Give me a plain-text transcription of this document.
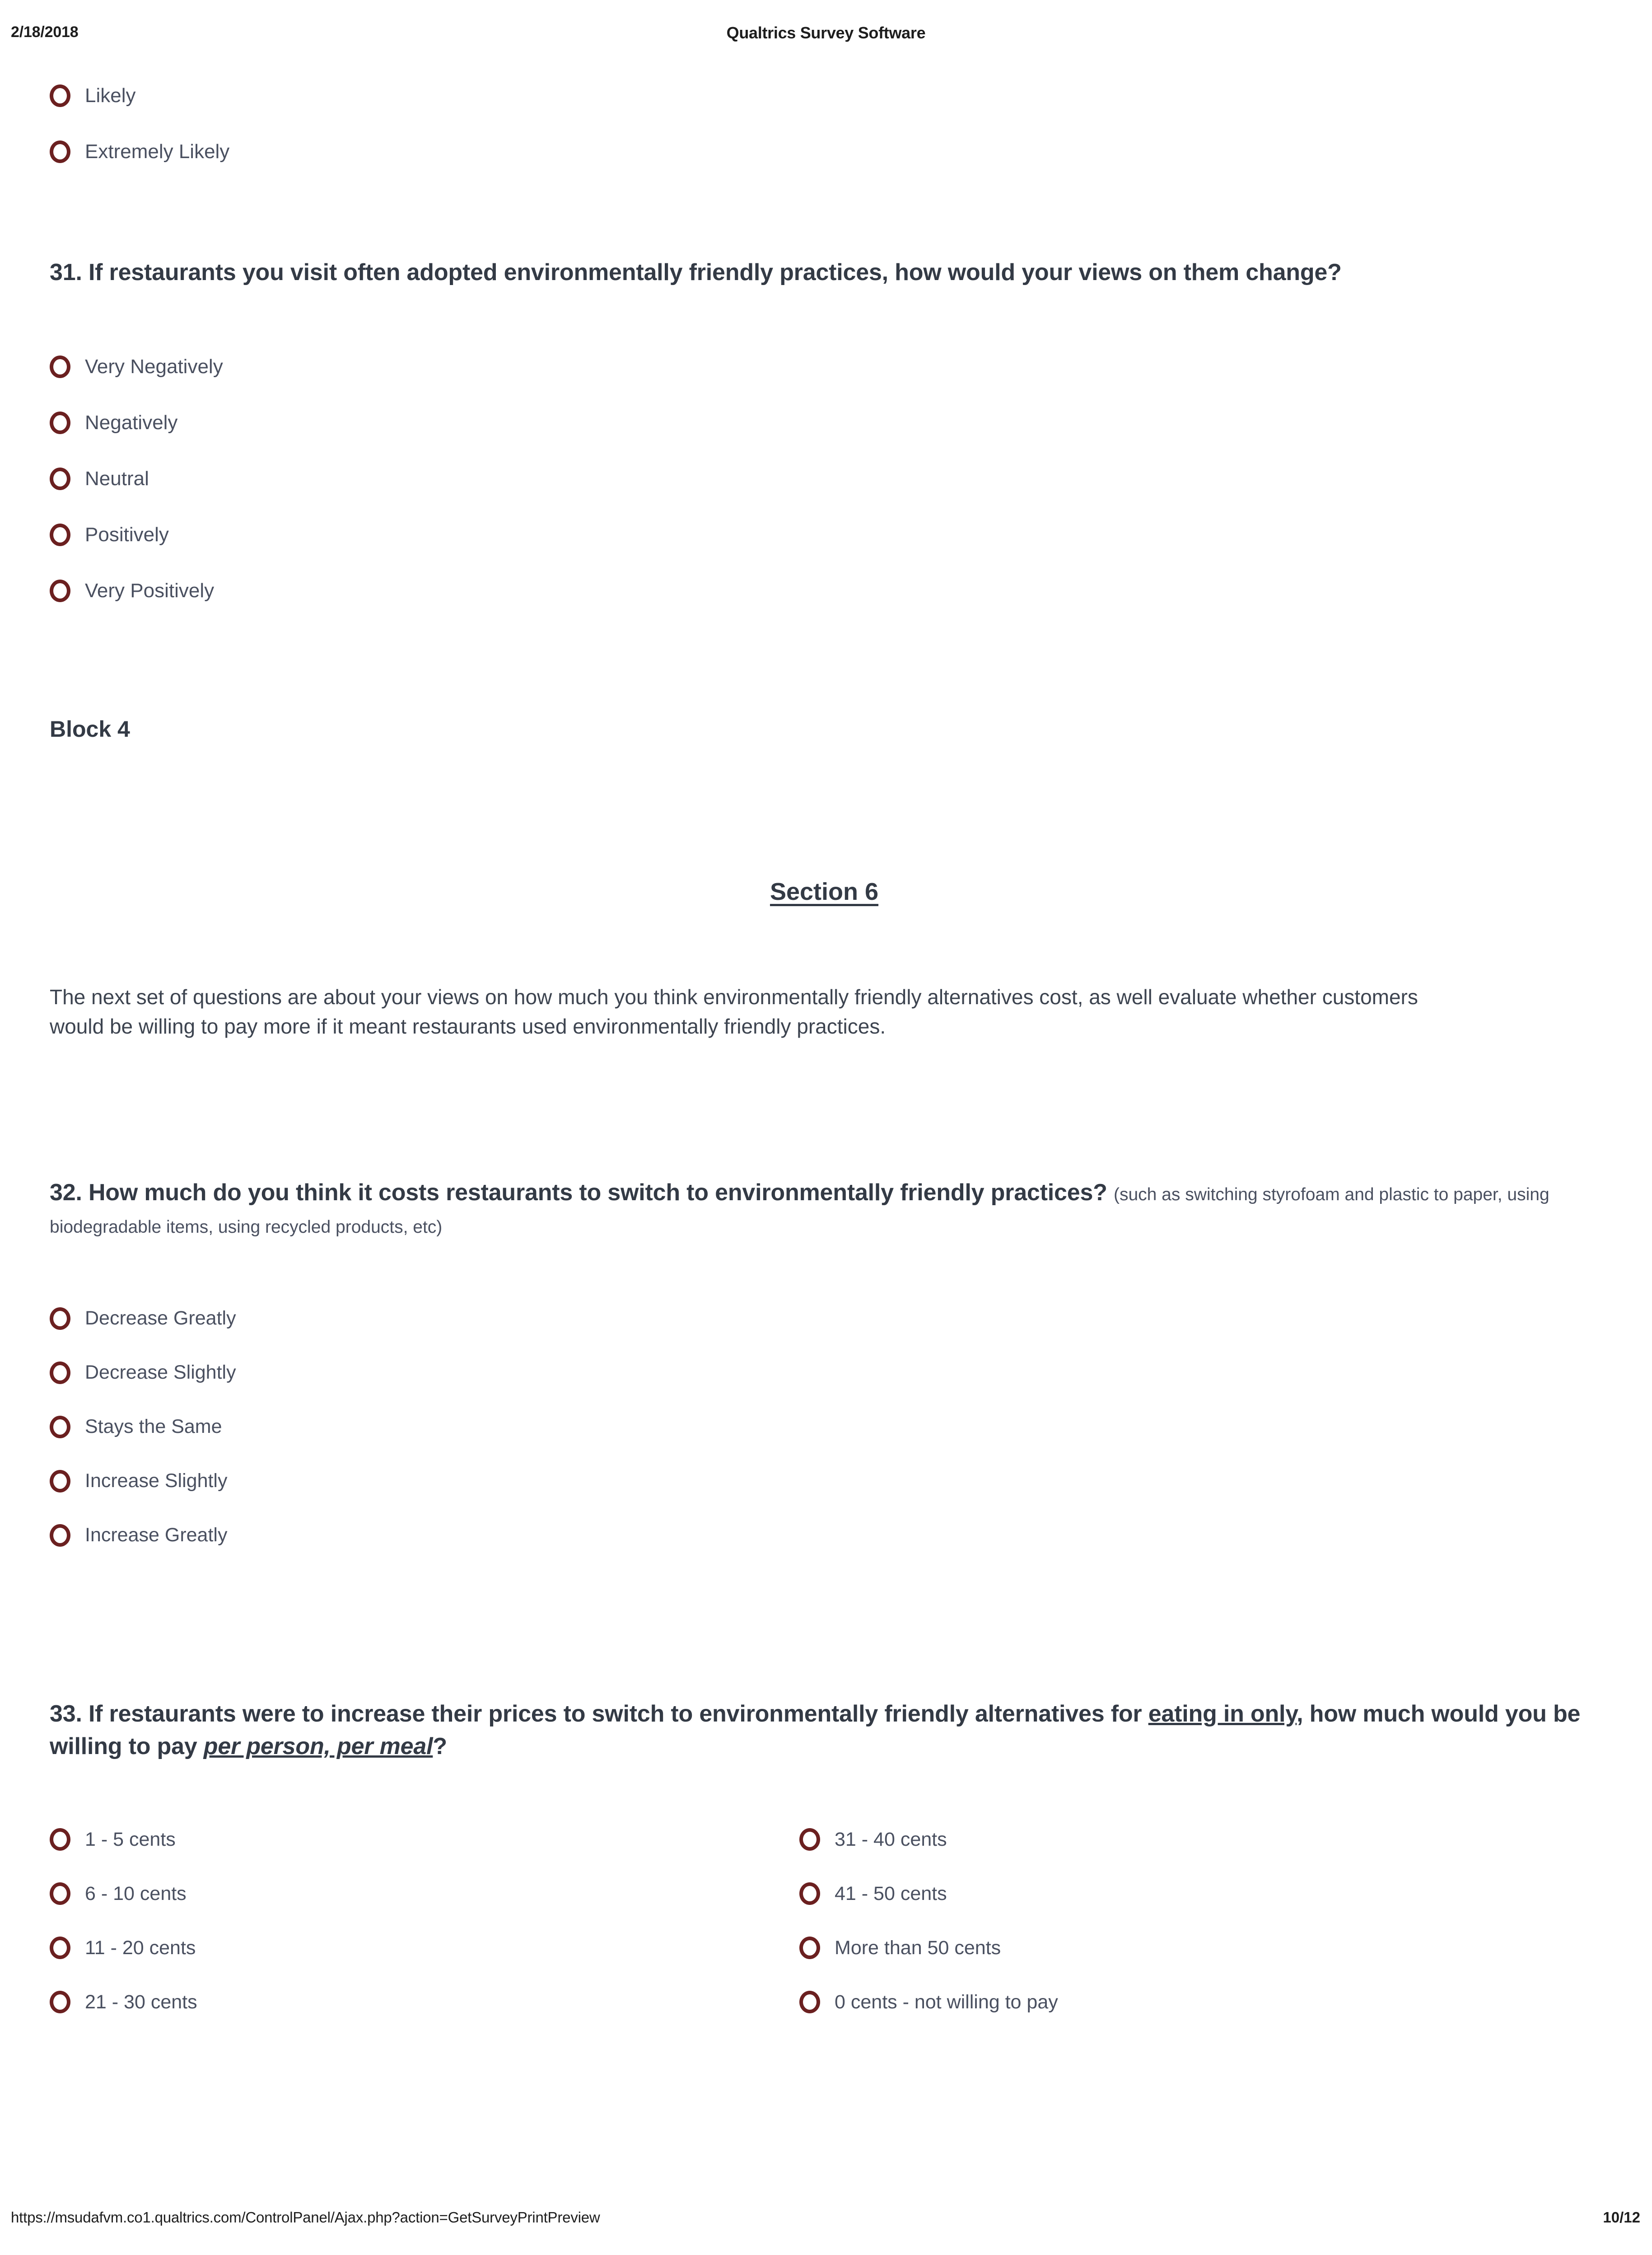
2/18/2018	Qualtrics Survey Software
Likely
Extremely Likely
31. If restaurants you visit often adopted environmentally friendly practices, how would your views on them change?
Very Negatively
Negatively
Neutral
Positively
Very Positively
Block 4
Section 6
The next set of questions are about your views on how much you think environmentally friendly alternatives cost, as well evaluate whether customers would be willing to pay more if it meant restaurants used environmentally friendly practices.
32. How much do you think it costs restaurants to switch to environmentally friendly practices? (such as switching styrofoam and plastic to paper, using biodegradable items, using recycled products, etc)
Decrease Greatly
Decrease Slightly
Stays the Same
Increase Slightly
Increase Greatly
33. If restaurants were to increase their prices to switch to environmentally friendly alternatives for eating in only, how much would you be willing to pay per person, per meal?
1 - 5 cents
6 - 10 cents
11 - 20 cents
21 - 30 cents
31 - 40 cents
41 - 50 cents
More than 50 cents
0 cents - not willing to pay
https://msudafvm.co1.qualtrics.com/ControlPanel/Ajax.php?action=GetSurveyPrintPreview	10/12
